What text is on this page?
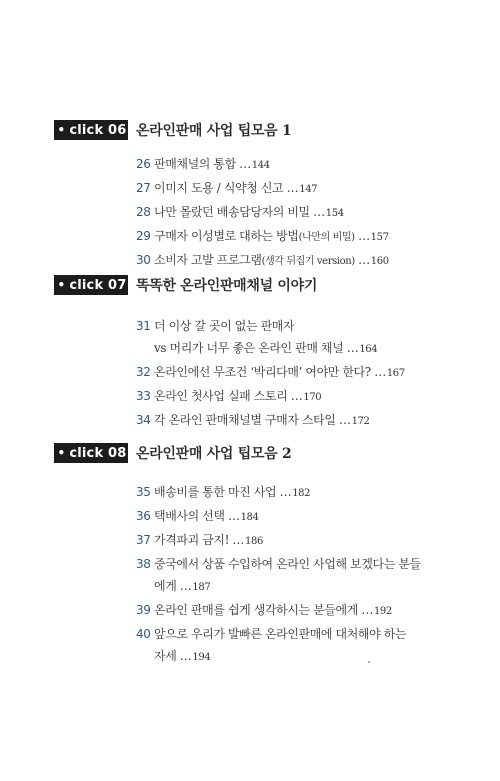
• click 06 온라인판매 사업 팁모음 1
26 판매채널의 통합 …144
27 이미지 도용 / 식약청 신고 …147
28 나만 몰랐던 배송담당자의 비밀 …154
29 구매자 이성별로 대하는 방법(나만의 비밀) …157
30 소비자 고발 프로그램(생각 뒤집기 version) …160
• click 07 똑똑한 온라인판매채널 이야기
31 더 이상 갈 곳이 없는 판매자
vs 머리가 너무 좋은 온라인 판매 채널 …164
32 온라인에선 무조건 ‘박리다매’ 여야만 한다? …167
33 온라인 첫사업 실패 스토리 …170
34 각 온라인 판매채널별 구매자 스타일 …172
• click 08 온라인판매 사업 팁모음 2
35 배송비를 통한 마진 사업 …182
36 택배사의 선택 …184
37 가격파괴 금지! …186
38 중국에서 상품 수입하여 온라인 사업해 보겠다는 분들
에게 …187
39 온라인 판매를 쉽게 생각하시는 분들에게 …192
40 앞으로 우리가 발빠른 온라인판매에 대처해야 하는
자세 …194
